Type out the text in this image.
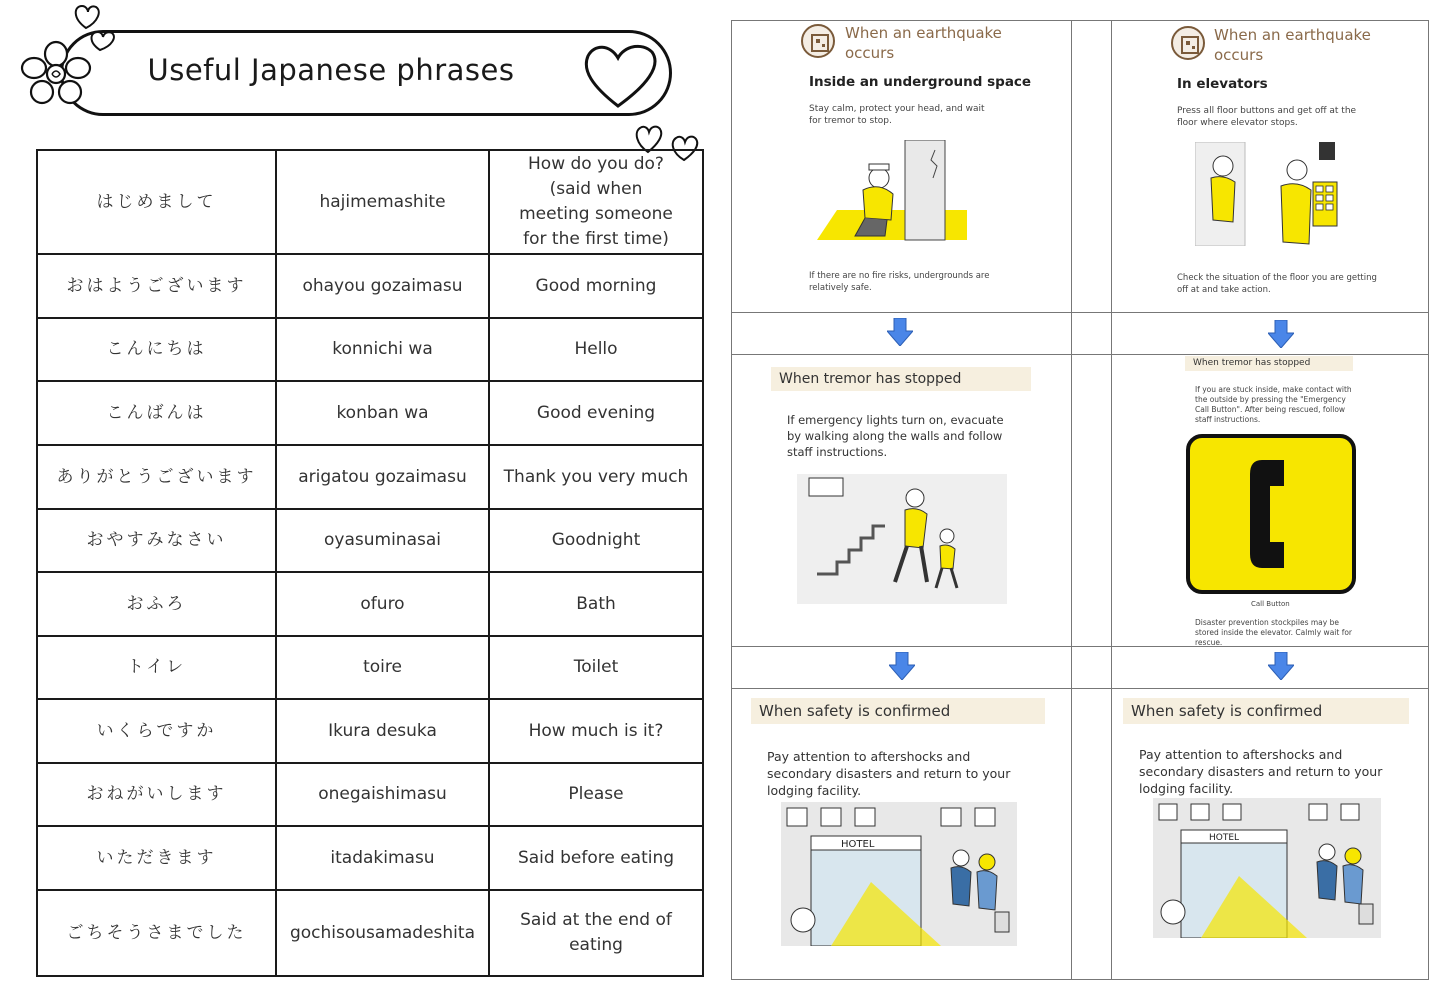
Useful Japanese phrases
はじめまして	hajimemashite	How do you do? (said when meeting someone for the first time)
おはようございます	ohayou gozaimasu	Good morning
こんにちは	konnichi wa	Hello
こんばんは	konban wa	Good evening
ありがとうございます	arigatou gozaimasu	Thank you very much
おやすみなさい	oyasuminasai	Goodnight
おふろ	ofuro	Bath
トイレ	toire	Toilet
いくらですか	Ikura desuka	How much is it?
おねがいします	onegaishimasu	Please
いただきます	itadakimasu	Said before eating
ごちそうさまでした	gochisousamadeshita	Said at the end of eating
When an earthquake occurs
Inside an underground space
Stay calm, protect your head, and wait for tremor to stop.
If there are no fire risks, undergrounds are relatively safe.
When tremor has stopped
If emergency lights turn on, evacuate by walking along the walls and follow staff instructions.
When safety is confirmed
Pay attention to aftershocks and secondary disasters and return to your lodging facility.
HOTEL
When an earthquake occurs
In elevators
Press all floor buttons and get off at the floor where elevator stops.
Check the situation of the floor you are getting off at and take action.
When tremor has stopped
If you are stuck inside, make contact with the outside by pressing the "Emergency Call Button". After being rescued, follow staff instructions.
Call Button
Disaster prevention stockpiles may be stored inside the elevator. Calmly wait for rescue.
When safety is confirmed
Pay attention to aftershocks and secondary disasters and return to your lodging facility.
HOTEL
